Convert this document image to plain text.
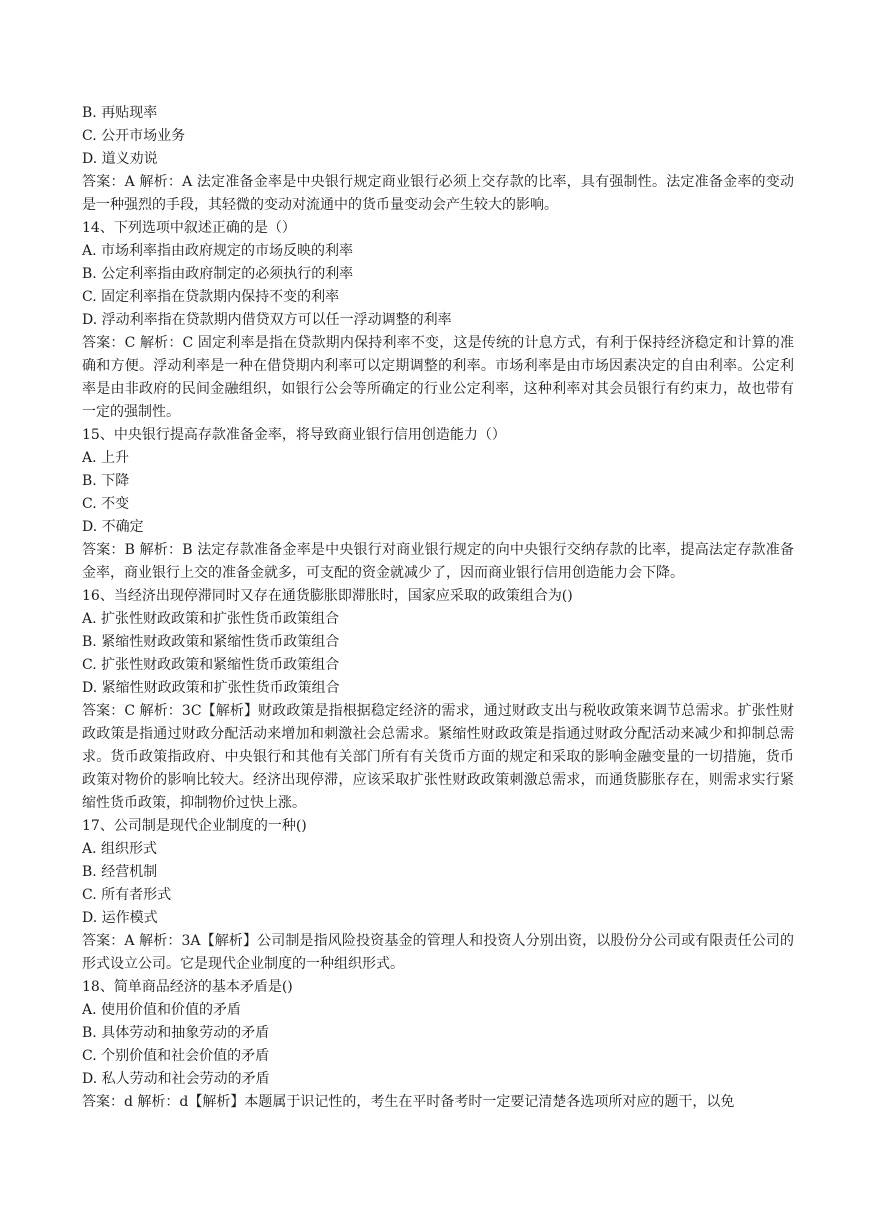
B. 再贴现率
C. 公开市场业务
D. 道义劝说
答案：A 解析：A 法定准备金率是中央银行规定商业银行必须上交存款的比率，具有强制性。法定准备金率的变动是一种强烈的手段，其轻微的变动对流通中的货币量变动会产生较大的影响。
14、下列选项中叙述正确的是（）
A. 市场利率指由政府规定的市场反映的利率
B. 公定利率指由政府制定的必须执行的利率
C. 固定利率指在贷款期内保持不变的利率
D. 浮动利率指在贷款期内借贷双方可以任一浮动调整的利率
答案：C 解析：C 固定利率是指在贷款期内保持利率不变，这是传统的计息方式，有利于保持经济稳定和计算的准确和方便。浮动利率是一种在借贷期内利率可以定期调整的利率。市场利率是由市场因素决定的自由利率。公定利率是由非政府的民间金融组织，如银行公会等所确定的行业公定利率，这种利率对其会员银行有约束力，故也带有一定的强制性。
15、中央银行提高存款准备金率，将导致商业银行信用创造能力（）
A. 上升
B. 下降
C. 不变
D. 不确定
答案：B 解析：B 法定存款准备金率是中央银行对商业银行规定的向中央银行交纳存款的比率，提高法定存款准备金率，商业银行上交的准备金就多，可支配的资金就减少了，因而商业银行信用创造能力会下降。
16、当经济出现停滞同时又存在通货膨胀即滞胀时，国家应采取的政策组合为()
A. 扩张性财政政策和扩张性货币政策组合
B. 紧缩性财政政策和紧缩性货币政策组合
C. 扩张性财政政策和紧缩性货币政策组合
D. 紧缩性财政政策和扩张性货币政策组合
答案：C 解析：3C【解析】财政政策是指根据稳定经济的需求，通过财政支出与税收政策来调节总需求。扩张性财政政策是指通过财政分配活动来增加和刺激社会总需求。紧缩性财政政策是指通过财政分配活动来减少和抑制总需求。货币政策指政府、中央银行和其他有关部门所有有关货币方面的规定和采取的影响金融变量的一切措施，货币政策对物价的影响比较大。经济出现停滞，应该采取扩张性财政政策刺激总需求，而通货膨胀存在，则需求实行紧缩性货币政策，抑制物价过快上涨。
17、公司制是现代企业制度的一种()
A. 组织形式
B. 经营机制
C. 所有者形式
D. 运作模式
答案：A 解析：3A【解析】公司制是指风险投资基金的管理人和投资人分别出资，以股份分公司或有限责任公司的形式设立公司。它是现代企业制度的一种组织形式。
18、简单商品经济的基本矛盾是()
A. 使用价值和价值的矛盾
B. 具体劳动和抽象劳动的矛盾
C. 个别价值和社会价值的矛盾
D. 私人劳动和社会劳动的矛盾
答案：d 解析：d【解析】本题属于识记性的，考生在平时备考时一定要记清楚各选项所对应的题干，以免
